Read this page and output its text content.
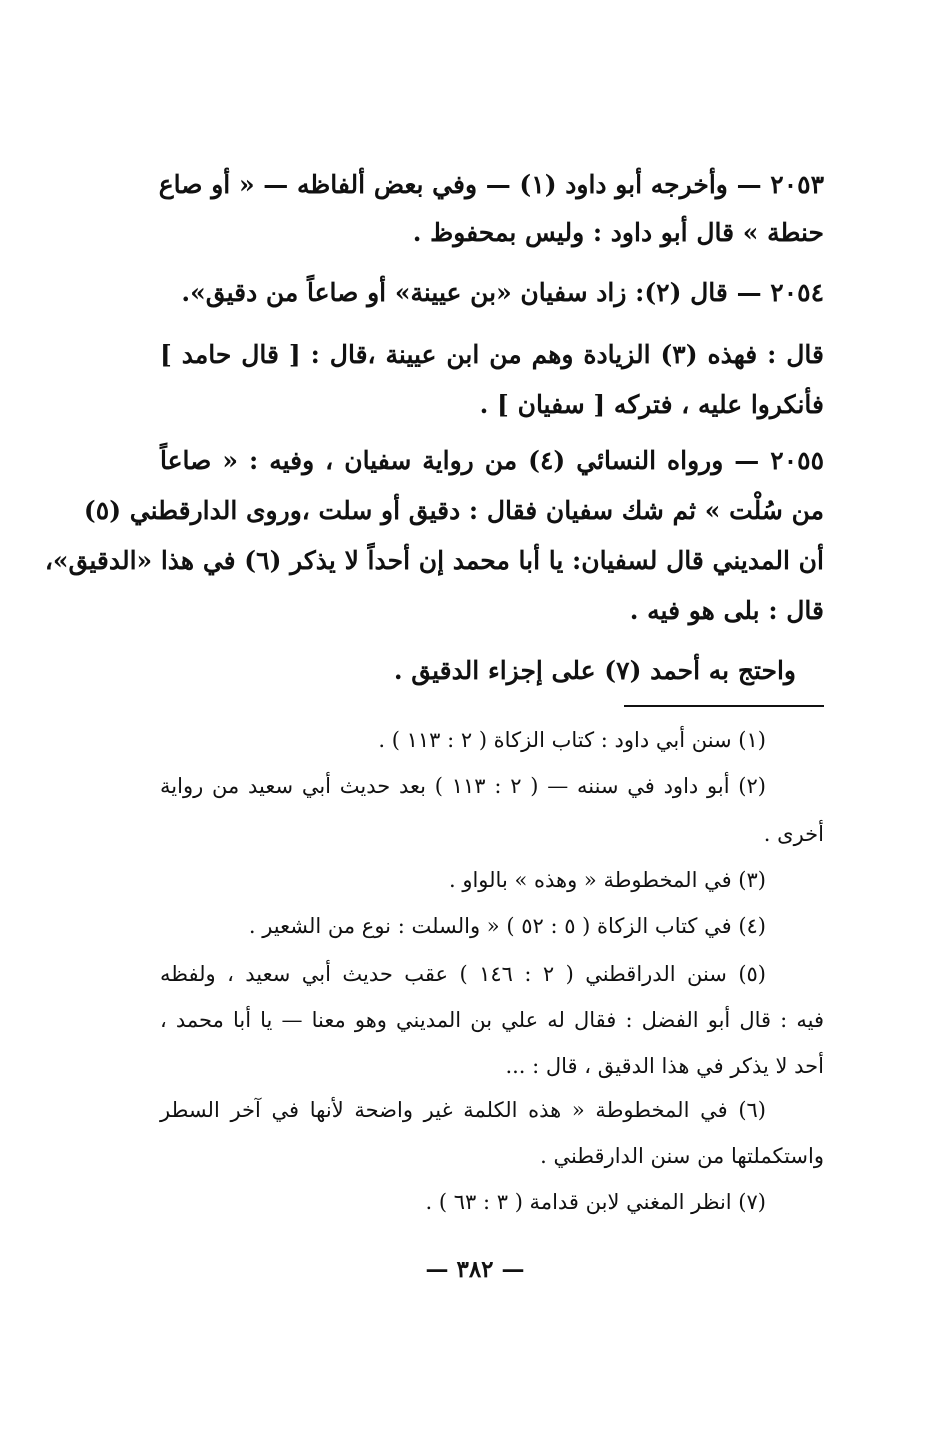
٢٠٥٣ — وأخرجه أبو داود (١) — وفي بعض ألفاظه — « أو صاع

حنطة » قال أبو داود : وليس بمحفوظ .

٢٠٥٤ — قال (٢): زاد سفيان «بن عيينة» أو صاعاً من دقيق».

قال : فهذه (٣) الزيادة وهم من ابن عيينة ،قال : [ قال حامد ]

فأنكروا عليه ، فتركه [ سفيان ] .

٢٠٥٥ — ورواه النسائي (٤) من رواية سفيان ، وفيه : « صاعاً

من سُلْت » ثم شك سفيان فقال : دقيق أو سلت ،وروى الدارقطني (٥)

أن المديني قال لسفيان: يا أبا محمد إن أحداً لا يذكر (٦) في هذا «الدقيق»،

قال : بلى هو فيه .

واحتج به أحمد (٧) على إجزاء الدقيق .

(١) سنن أبي داود : كتاب الزكاة ( ٢ : ١١٣ ) .

(٢) أبو داود في سننه — ( ٢ : ١١٣ ) بعد حديث أبي سعيد من رواية

أخرى .

(٣) في المخطوطة « وهذه » بالواو .

(٤) في كتاب الزكاة ( ٥ : ٥٢ ) « والسلت : نوع من الشعير .

(٥) سنن الدراقطني ( ٢ : ١٤٦ ) عقب حديث أبي سعيد ، ولفظه

فيه : قال أبو الفضل : فقال له علي بن المديني وهو معنا — يا أبا محمد ،

أحد لا يذكر في هذا الدقيق ، قال : ...

(٦) في المخطوطة « هذه الكلمة غير واضحة لأنها في آخر السطر

واستكملتها من سنن الدارقطني .

(٧) انظر المغني لابن قدامة ( ٣ : ٦٣ ) .

— ٣٨٢ —
